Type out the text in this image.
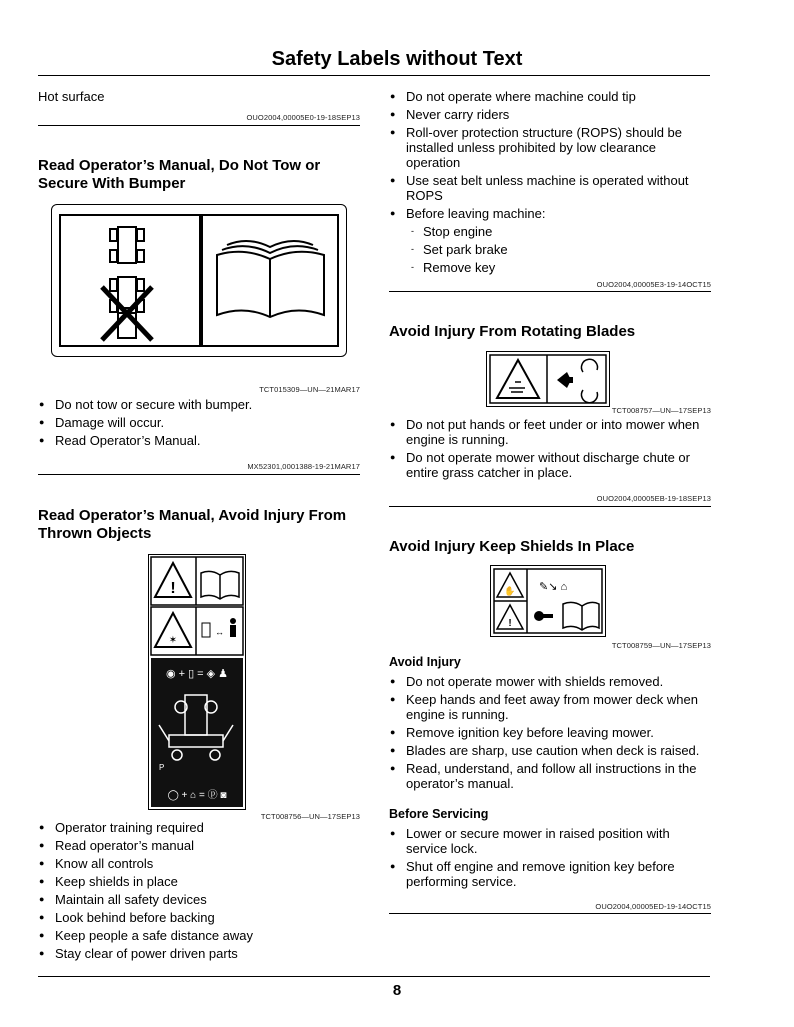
Safety Labels without Text
Hot surface
OUO2004,00005E0-19-18SEP13
Read Operator’s Manual, Do Not Tow or
Secure With Bumper
TCT015309—UN—21MAR17
● Do not tow or secure with bumper.
● Damage will occur.
● Read Operator’s Manual.
MX52301,0001388-19-21MAR17
Read Operator’s Manual, Avoid Injury From
Thrown Objects
!
✶
↔
◉ + ▯ = ◈ ♟
P
◯ + ⌂ = ⓟ ◙
TCT008756—UN—17SEP13
● Operator training required
● Read operator’s manual
● Know all controls
● Keep shields in place
● Maintain all safety devices
● Look behind before backing
● Keep people a safe distance away
● Stay clear of power driven parts
● Do not operate where machine could tip
● Never carry riders
● Roll-over protection structure (ROPS) should be installed unless prohibited by low clearance operation
● Use seat belt unless machine is operated without ROPS
● Before leaving machine:
- Stop engine
- Set park brake
- Remove key
OUO2004,00005E3-19-14OCT15
Avoid Injury From Rotating Blades
TCT008757—UN—17SEP13
● Do not put hands or feet under or into mower when engine is running.
● Do not operate mower without discharge chute or entire grass catcher in place.
OUO2004,00005EB-19-18SEP13
Avoid Injury Keep Shields In Place
✋
!
✎↘ ⌂
TCT008759—UN—17SEP13
Avoid Injury
● Do not operate mower with shields removed.
● Keep hands and feet away from mower deck when engine is running.
● Remove ignition key before leaving mower.
● Blades are sharp, use caution when deck is raised.
● Read, understand, and follow all instructions in the operator’s manual.
Before Servicing
● Lower or secure mower in raised position with service lock.
● Shut off engine and remove ignition key before performing service.
OUO2004,00005ED-19-14OCT15
8
